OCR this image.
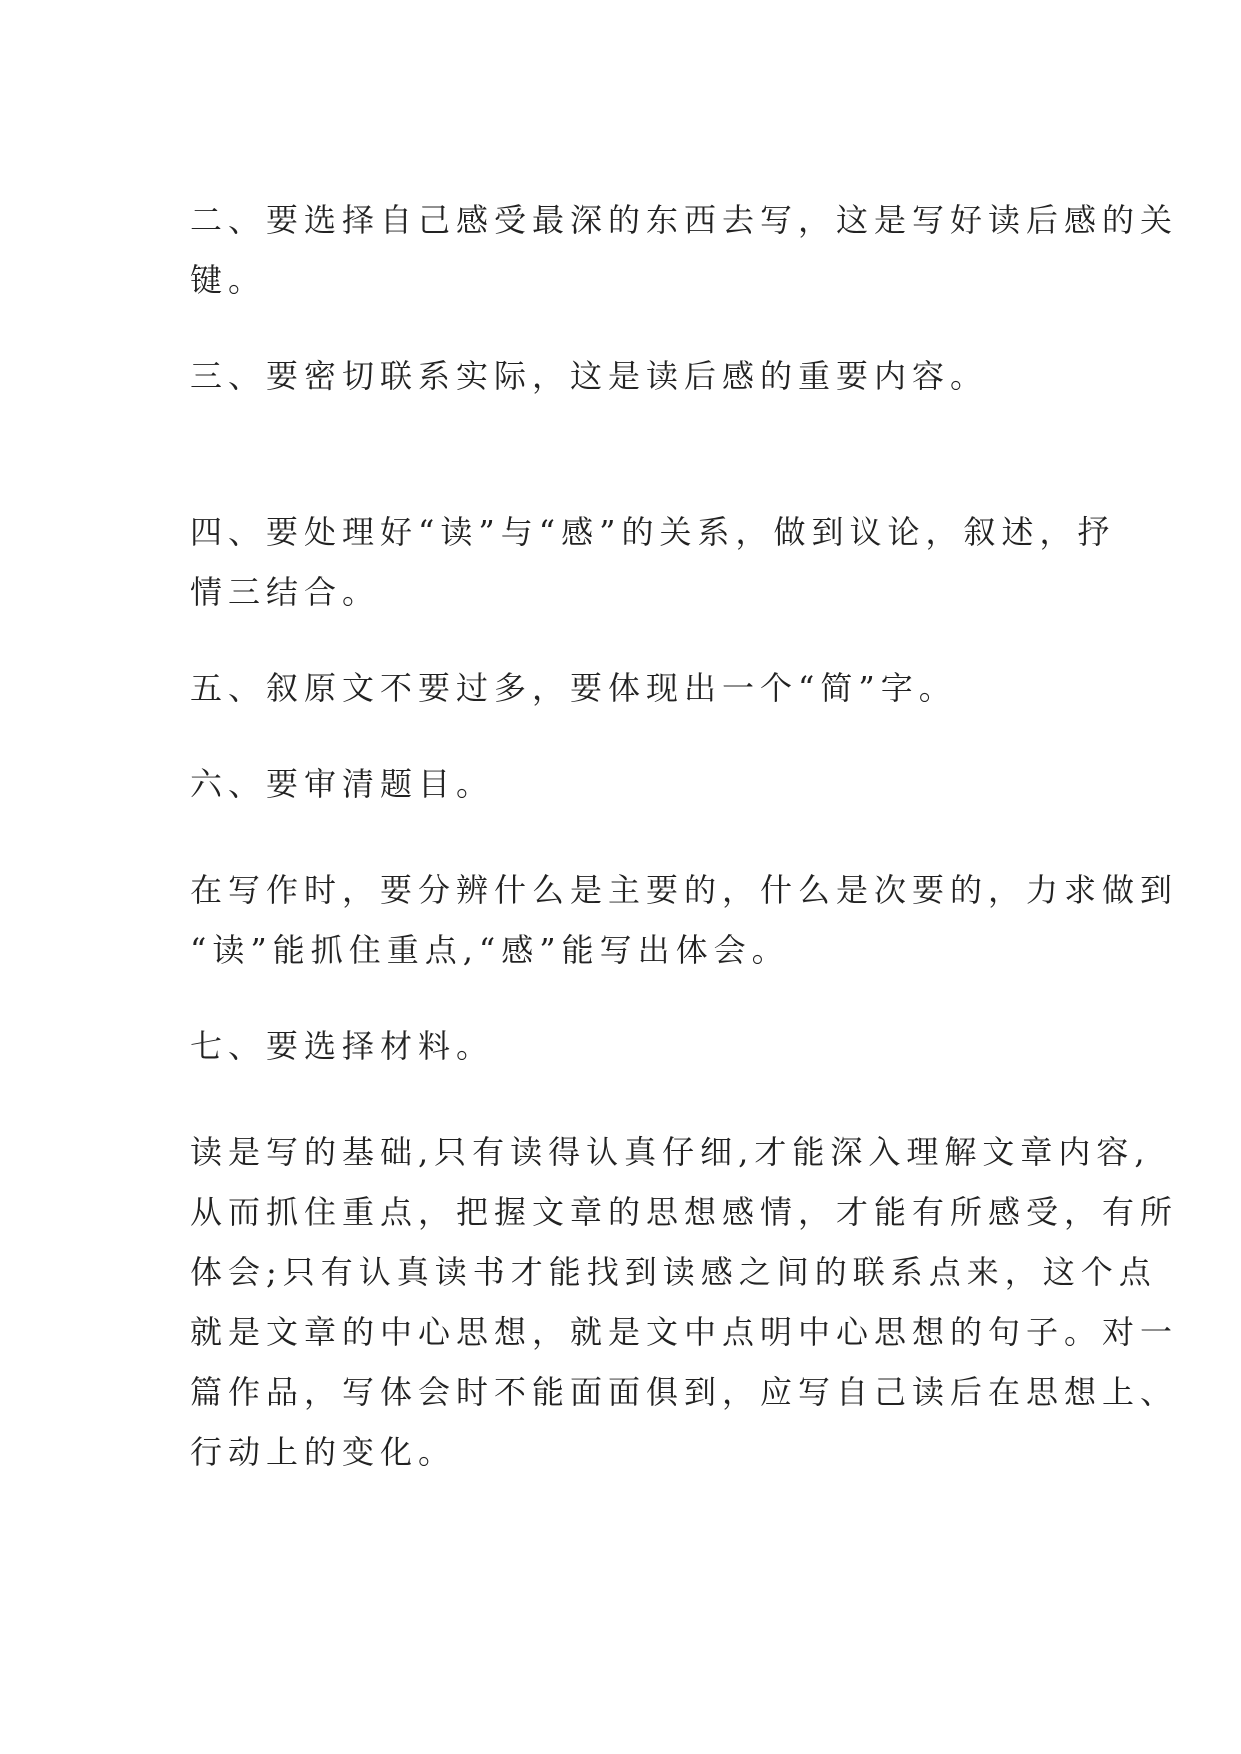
二、要选择自己感受最深的东西去写，这是写好读后感的关
键。

三、要密切联系实际，这是读后感的重要内容。

四、要处理好“读”与“感”的关系，做到议论，叙述，抒
情三结合。

五、叙原文不要过多，要体现出一个“简”字。

六、要审清题目。

在写作时，要分辨什么是主要的，什么是次要的，力求做到
“读”能抓住重点,“感”能写出体会。

七、要选择材料。

读是写的基础,只有读得认真仔细,才能深入理解文章内容,
从而抓住重点，把握文章的思想感情，才能有所感受，有所
体会;只有认真读书才能找到读感之间的联系点来，这个点
就是文章的中心思想，就是文中点明中心思想的句子。对一
篇作品，写体会时不能面面俱到，应写自己读后在思想上、
行动上的变化。
